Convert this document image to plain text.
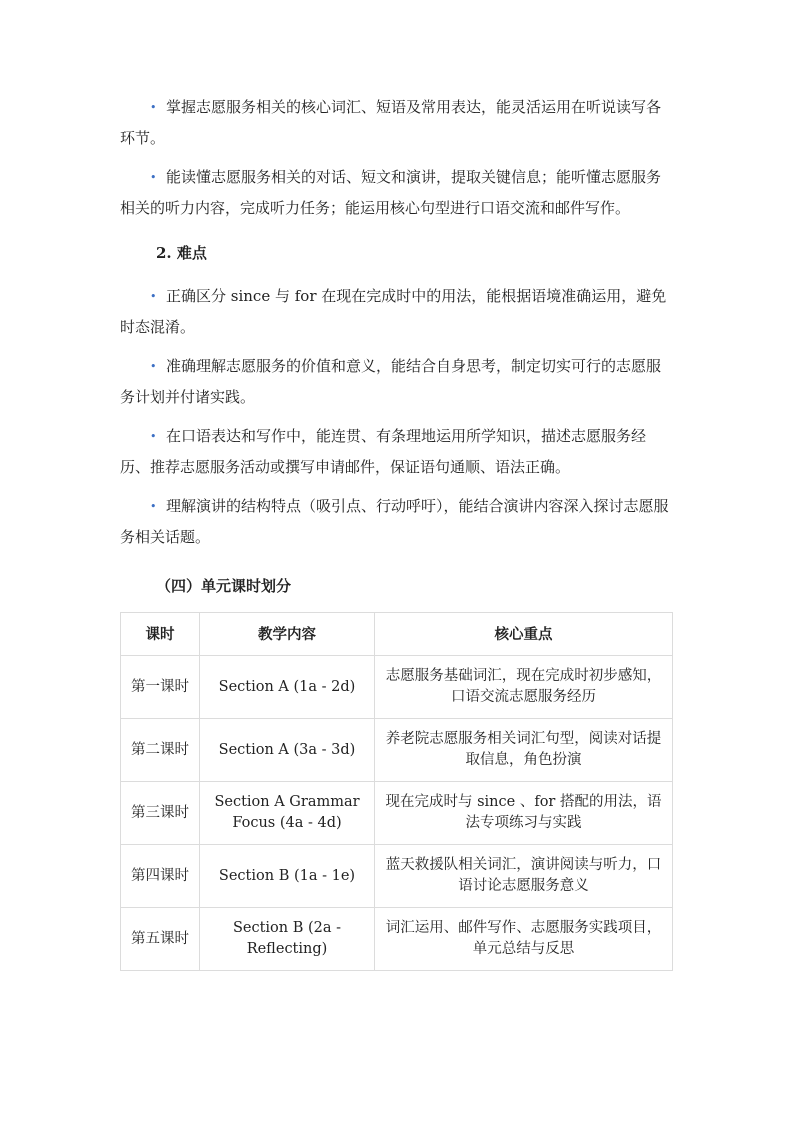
• 掌握志愿服务相关的核心词汇、短语及常用表达，能灵活运用在听说读写各环节。

• 能读懂志愿服务相关的对话、短文和演讲，提取关键信息；能听懂志愿服务相关的听力内容，完成听力任务；能运用核心句型进行口语交流和邮件写作。

2. 难点

• 正确区分 since 与 for 在现在完成时中的用法，能根据语境准确运用，避免时态混淆。

• 准确理解志愿服务的价值和意义，能结合自身思考，制定切实可行的志愿服务计划并付诸实践。

• 在口语表达和写作中，能连贯、有条理地运用所学知识，描述志愿服务经历、推荐志愿服务活动或撰写申请邮件，保证语句通顺、语法正确。

• 理解演讲的结构特点（吸引点、行动呼吁），能结合演讲内容深入探讨志愿服务相关话题。

（四）单元课时划分
课时	教学内容	核心重点
第一课时	Section A (1a - 2d)	志愿服务基础词汇，现在完成时初步感知，口语交流志愿服务经历
第二课时	Section A (3a - 3d)	养老院志愿服务相关词汇句型，阅读对话提取信息，角色扮演
第三课时	Section A Grammar Focus (4a - 4d)	现在完成时与 since 、for 搭配的用法，语法专项练习与实践
第四课时	Section B (1a - 1e)	蓝天救援队相关词汇，演讲阅读与听力，口语讨论志愿服务意义
第五课时	Section B (2a - Reflecting)	词汇运用、邮件写作、志愿服务实践项目，单元总结与反思
